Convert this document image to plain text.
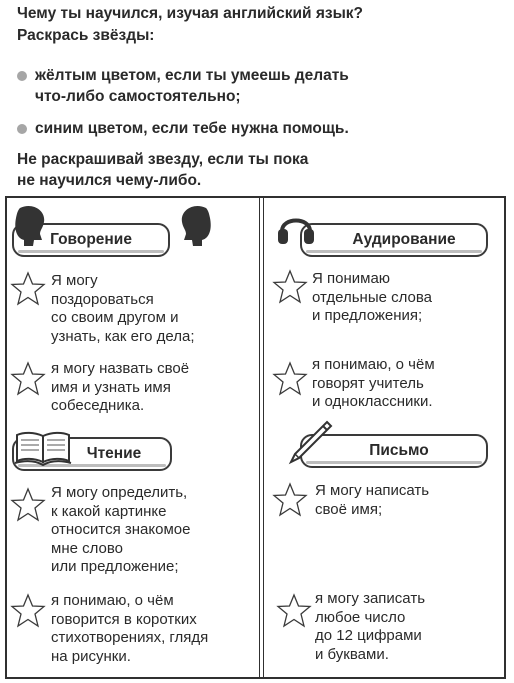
Чему ты научился, изучая английский язык?
Раскрась звёзды:
жёлтым цветом, если ты умеешь делать
что-либо самостоятельно;
синим цветом, если тебе нужна помощь.
Не раскрашивай звезду, если ты пока
не научился чему-либо.
Говорение
Я могу
поздороваться
со своим другом и
узнать, как его дела;
я могу назвать своё
имя и узнать имя
собеседника.
Аудирование
Я понимаю
отдельные слова
и предложения;
я понимаю, о чём
говорят учитель
и одноклассники.
Чтение
Я могу определить,
к какой картинке
относится знакомое
мне слово
или предложение;
я понимаю, о чём
говорится в коротких
стихотворениях, глядя
на рисунки.
Письмо
Я могу написать
своё имя;
я могу записать
любое число
до 12 цифрами
и буквами.
